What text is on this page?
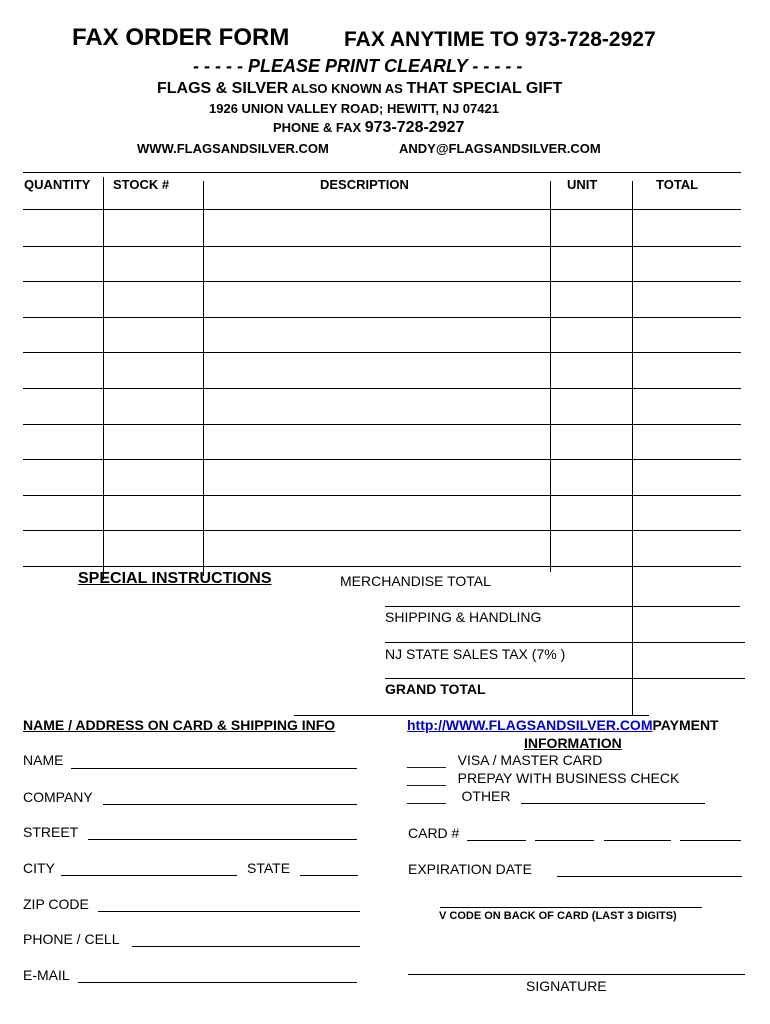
FAX ORDER FORM	FAX ANYTIME TO 973-728-2927
- - - - - PLEASE PRINT CLEARLY - - - - -
FLAGS & SILVER ALSO KNOWN AS THAT SPECIAL GIFT
1926 UNION VALLEY ROAD; HEWITT, NJ 07421
PHONE & FAX 973-728-2927
WWW.FLAGSANDSILVER.COM	ANDY@FLAGSANDSILVER.COM
QUANTITY STOCK #	DESCRIPTION	UNIT	TOTAL
SPECIAL INSTRUCTIONS	MERCHANDISE TOTAL
SHIPPING & HANDLING
NJ STATE SALES TAX (7% )
GRAND TOTAL
NAME / ADDRESS ON CARD & SHIPPING INFO
NAME
COMPANY
STREET
CITY	STATE
ZIP CODE
PHONE / CELL
E-MAIL
http://WWW.FLAGSANDSILVER.COMPAYMENT
INFORMATION
_____ VISA / MASTER CARD
_____ PREPAY WITH BUSINESS CHECK
_____ OTHER
CARD #
EXPIRATION DATE
V CODE ON BACK OF CARD (LAST 3 DIGITS)
SIGNATURE
